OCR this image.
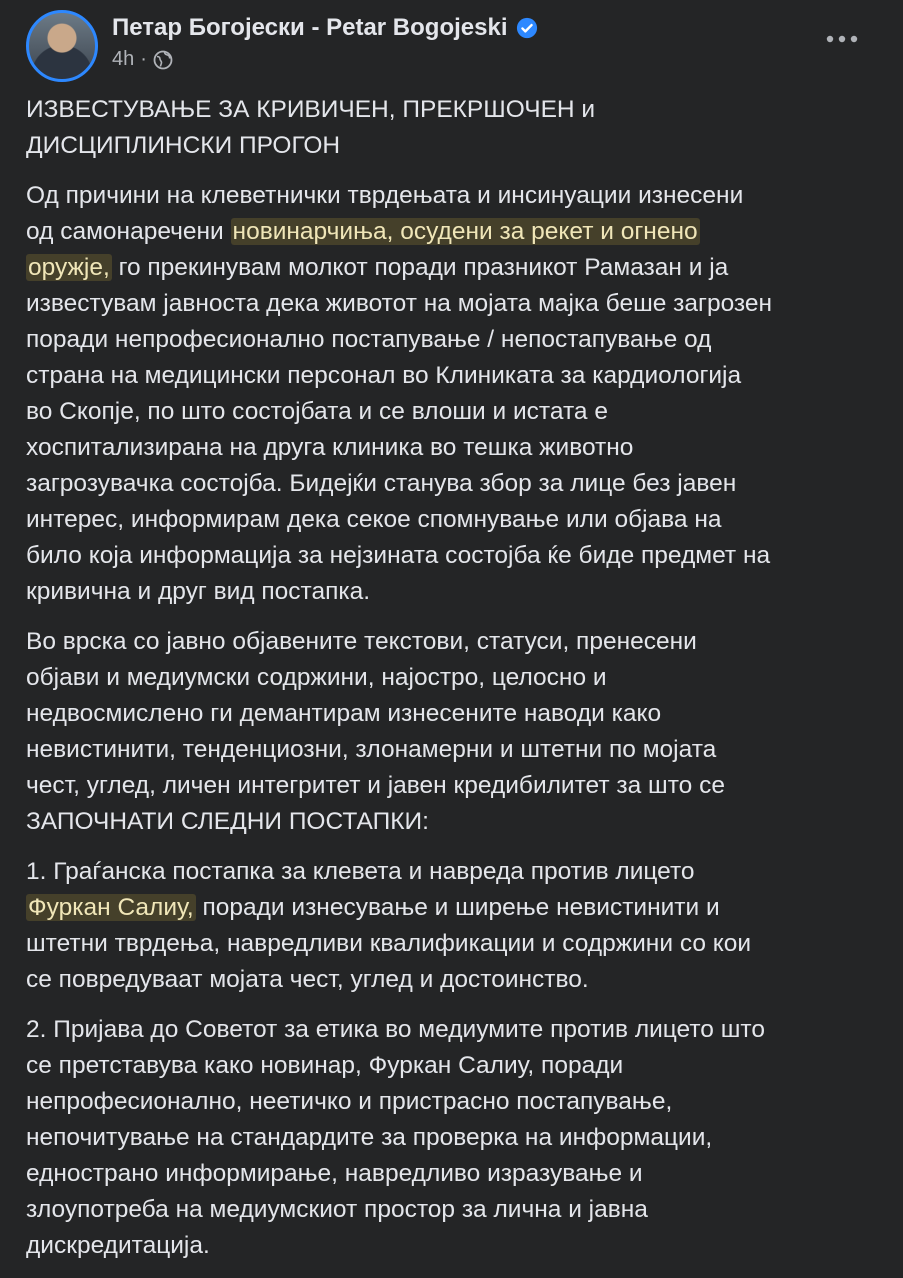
Петар Богојески - Petar Bogojeski
4h ·

ИЗВЕСТУВАЊЕ ЗА КРИВИЧЕН, ПРЕКРШОЧЕН и
ДИСЦИПЛИНСКИ ПРОГОН

Од причини на клеветнички тврдењата и инсинуации изнесени
од самонаречени новинарчиња, осудени за рекет и огнено
оружје, го прекинувам молкот поради празникот Рамазан и ја
известувам јавноста дека животот на мојата мајка беше загрозен
поради непрофесионално постапување / непостапување од
страна на медицински персонал во Клиниката за кардиологија
во Скопје, по што состојбата и се влоши и истата е
хоспитализирана на друга клиника во тешка животно
загрозувачка состојба. Бидејќи станува збор за лице без јавен
интерес, информирам дека секое спомнување или објава на
било која информација за нејзината состојба ќе биде предмет на
кривична и друг вид постапка.

Во врска со јавно објавените текстови, статуси, пренесени
објави и медиумски содржини, најостро, целосно и
недвосмислено ги демантирам изнесените наводи како
невистинити, тенденциозни, злонамерни и штетни по мојата
чест, углед, личен интегритет и јавен кредибилитет за што се
ЗАПОЧНАТИ СЛЕДНИ ПОСТАПКИ:

1. Граѓанска постапка за клевета и навреда против лицето
Фуркан Салиу, поради изнесување и ширење невистинити и
штетни тврдења, навредливи квалификации и содржини со кои
се повредуваат мојата чест, углед и достоинство.

2. Пријава до Советот за етика во медиумите против лицето што
се претставува како новинар, Фуркан Салиу, поради
непрофесионално, неетичко и пристрасно постапување,
непочитување на стандардите за проверка на информации,
еднострано информирање, навредливо изразување и
злоупотреба на медиумскиот простор за лична и јавна
дискредитација.
